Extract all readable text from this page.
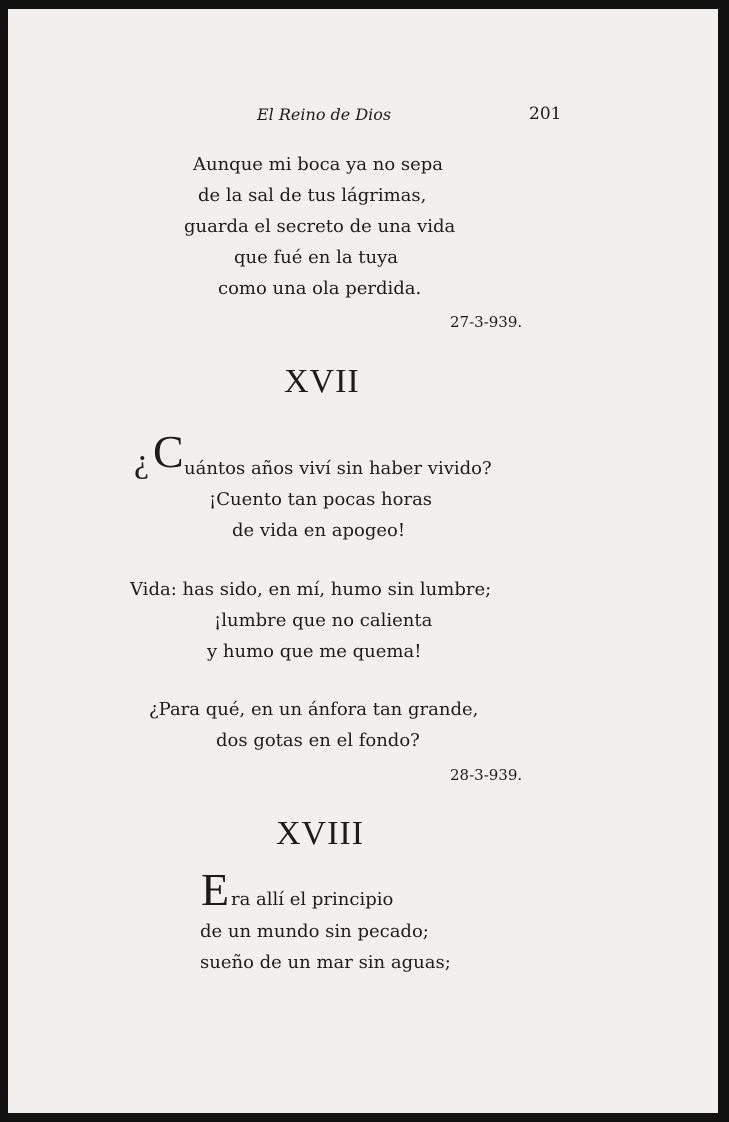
El Reino de Dios	201
Aunque mi boca ya no sepa
de la sal de tus lágrimas,
guarda el secreto de una vida
que fué en la tuya
como una ola perdida.
27-3-939.
XVII
¿ C uántos años viví sin haber vivido?
¡Cuento tan pocas horas
de vida en apogeo!
Vida: has sido, en mí, humo sin lumbre;
¡lumbre que no calienta
y humo que me quema!
¿Para qué, en un ánfora tan grande,
dos gotas en el fondo?
28-3-939.
XVIII
E ra allí el principio
de un mundo sin pecado;
sueño de un mar sin aguas;
